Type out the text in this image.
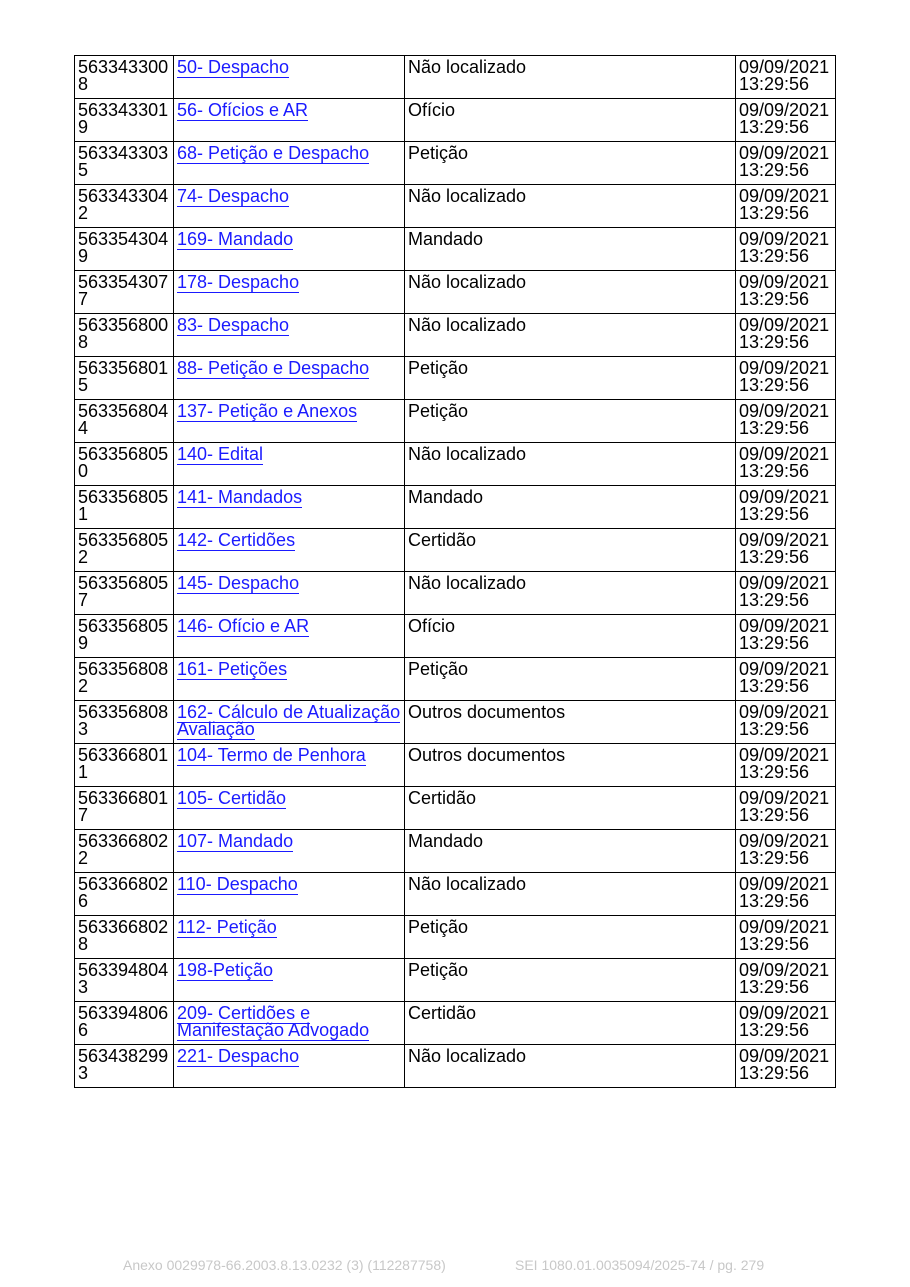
5633433008	50- Despacho	Não localizado	09/09/2021
13:29:56

5633433019	56- Ofícios e AR	Ofício	09/09/2021
13:29:56

5633433035	68- Petição e Despacho	Petição	09/09/2021
13:29:56

5633433042	74- Despacho	Não localizado	09/09/2021
13:29:56

5633543049	169- Mandado	Mandado	09/09/2021
13:29:56

5633543077	178- Despacho	Não localizado	09/09/2021
13:29:56

5633568008	83- Despacho	Não localizado	09/09/2021
13:29:56

5633568015	88- Petição e Despacho	Petição	09/09/2021
13:29:56

5633568044	137- Petição e Anexos	Petição	09/09/2021
13:29:56

5633568050	140- Edital	Não localizado	09/09/2021
13:29:56

5633568051	141- Mandados	Mandado	09/09/2021
13:29:56

5633568052	142- Certidões	Certidão	09/09/2021
13:29:56

5633568057	145- Despacho	Não localizado	09/09/2021
13:29:56

5633568059	146- Ofício e AR	Ofício	09/09/2021
13:29:56

5633568082	161- Petições	Petição	09/09/2021
13:29:56

5633568083	162- Cálculo de Atualização Avaliação	Outros documentos	09/09/2021
13:29:56

5633668011	104- Termo de Penhora	Outros documentos	09/09/2021
13:29:56

5633668017	105- Certidão	Certidão	09/09/2021
13:29:56

5633668022	107- Mandado	Mandado	09/09/2021
13:29:56

5633668026	110- Despacho	Não localizado	09/09/2021
13:29:56

5633668028	112- Petição	Petição	09/09/2021
13:29:56

5633948043	198-Petição	Petição	09/09/2021
13:29:56

5633948066	209- Certidões e Manifestação Advogado	Certidão	09/09/2021
13:29:56

5634382993	221- Despacho	Não localizado	09/09/2021
13:29:56
Anexo 0029978-66.2003.8.13.0232 (3) (112287758)	SEI 1080.01.0035094/2025-74 / pg. 279
